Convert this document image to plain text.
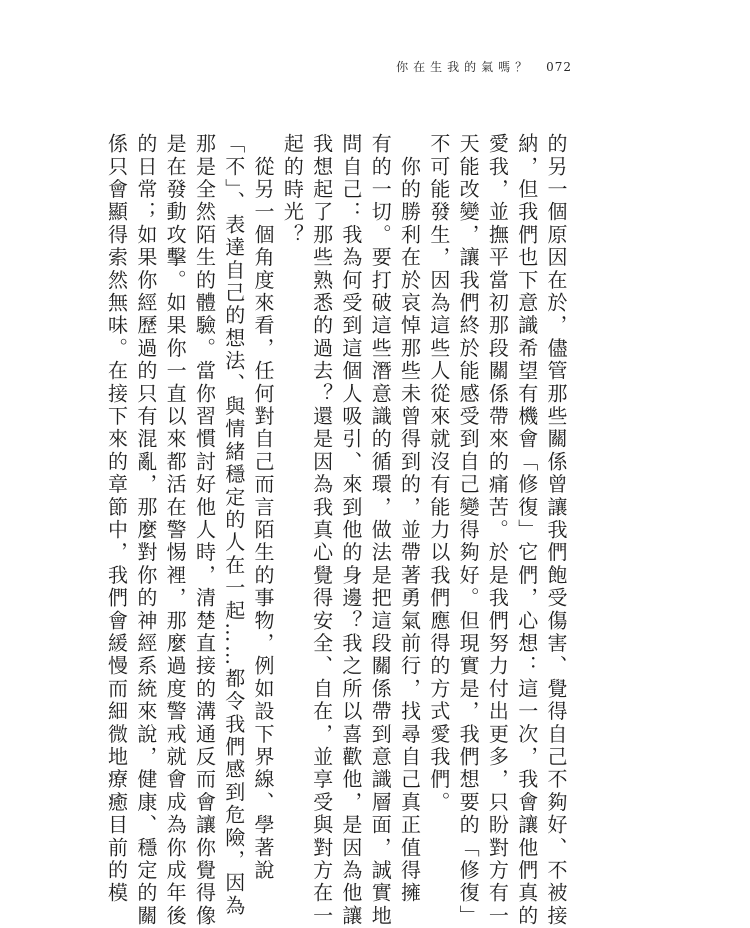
你在生我的氣嗎？ 072
的另一個原因在於，儘管那些關係曾讓我們飽受傷害、覺得自己不夠好、不被接
納，但我們也下意識希望有機會「修復」它們，心想：這一次，我會讓他們真的
愛我，並撫平當初那段關係帶來的痛苦。於是我們努力付出更多，只盼對方有一
天能改變，讓我們終於能感受到自己變得夠好。但現實是，我們想要的「修復」
不可能發生，因為這些人從來就沒有能力以我們應得的方式愛我們。
　你的勝利在於哀悼那些未曾得到的，並帶著勇氣前行，找尋自己真正值得擁
有的一切。要打破這些潛意識的循環，做法是把這段關係帶到意識層面，誠實地
問自己：我為何受到這個人吸引、來到他的身邊？我之所以喜歡他，是因為他讓
我想起了那些熟悉的過去？還是因為我真心覺得安全、自在，並享受與對方在一
起的時光？
　從另一個角度來看，任何對自己而言陌生的事物，例如設下界線、學著說
「不」、表達自己的想法、與情緒穩定的人在一起……都令我們感到危險，因為
那是全然陌生的體驗。當你習慣討好他人時，清楚直接的溝通反而會讓你覺得像
是在發動攻擊。如果你一直以來都活在警惕裡，那麼過度警戒就會成為你成年後
的日常；如果你經歷過的只有混亂，那麼對你的神經系統來說，健康、穩定的關
係只會顯得索然無味。在接下來的章節中，我們會緩慢而細微地療癒目前的模
